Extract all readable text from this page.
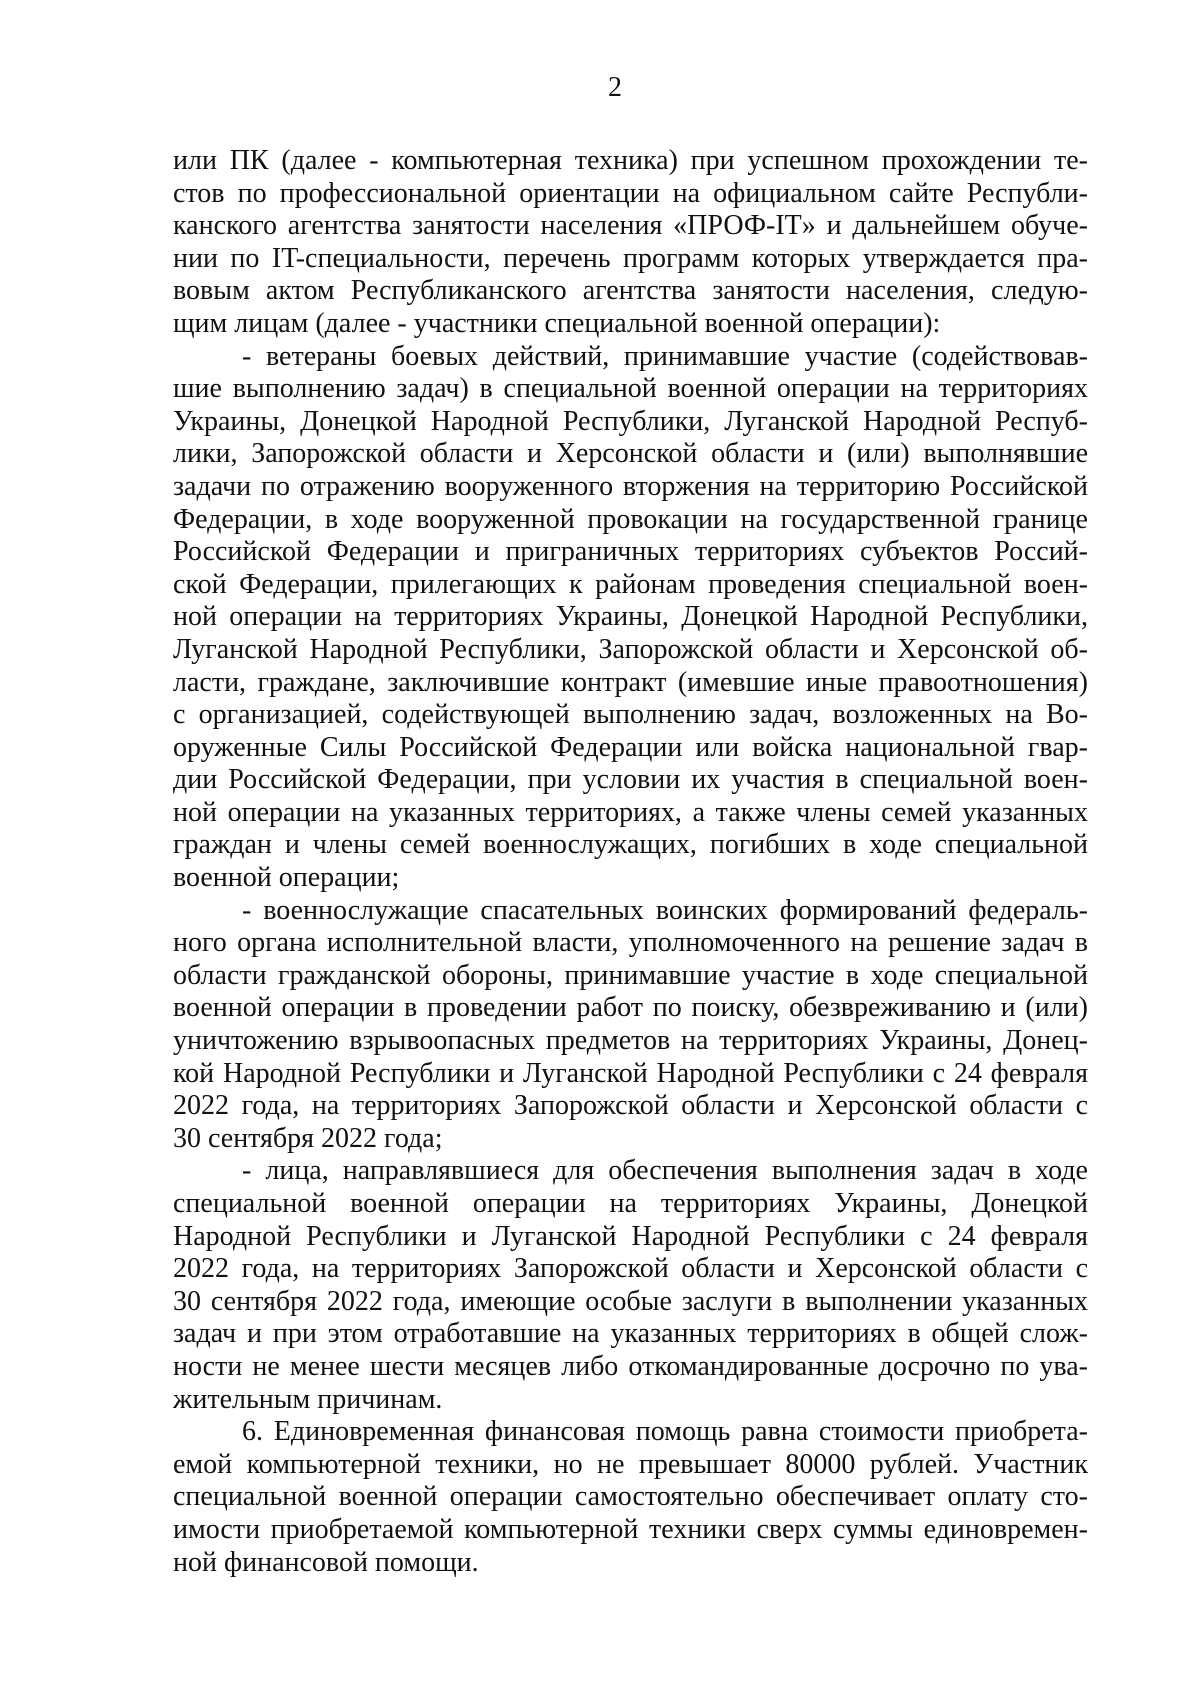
2
или ПК (далее - компьютерная техника) при успешном прохождении те-
стов по профессиональной ориентации на официальном сайте Республи-
канского агентства занятости населения «ПРОФ-IT» и дальнейшем обуче-
нии по IT-специальности, перечень программ которых утверждается пра-
вовым актом Республиканского агентства занятости населения, следую-
щим лицам (далее - участники специальной военной операции):
- ветераны боевых действий, принимавшие участие (содействовав-
шие выполнению задач) в специальной военной операции на территориях
Украины, Донецкой Народной Республики, Луганской Народной Респуб-
лики, Запорожской области и Херсонской области и (или) выполнявшие
задачи по отражению вооруженного вторжения на территорию Российской
Федерации, в ходе вооруженной провокации на государственной границе
Российской Федерации и приграничных территориях субъектов Россий-
ской Федерации, прилегающих к районам проведения специальной воен-
ной операции на территориях Украины, Донецкой Народной Республики,
Луганской Народной Республики, Запорожской области и Херсонской об-
ласти, граждане, заключившие контракт (имевшие иные правоотношения)
с организацией, содействующей выполнению задач, возложенных на Во-
оруженные Силы Российской Федерации или войска национальной гвар-
дии Российской Федерации, при условии их участия в специальной воен-
ной операции на указанных территориях, а также члены семей указанных
граждан и члены семей военнослужащих, погибших в ходе специальной
военной операции;
- военнослужащие спасательных воинских формирований федераль-
ного органа исполнительной власти, уполномоченного на решение задач в
области гражданской обороны, принимавшие участие в ходе специальной
военной операции в проведении работ по поиску, обезвреживанию и (или)
уничтожению взрывоопасных предметов на территориях Украины, Донец-
кой Народной Республики и Луганской Народной Республики с 24 февраля
2022 года, на территориях Запорожской области и Херсонской области с
30 сентября 2022 года;
- лица, направлявшиеся для обеспечения выполнения задач в ходе
специальной военной операции на территориях Украины, Донецкой
Народной Республики и Луганской Народной Республики с 24 февраля
2022 года, на территориях Запорожской области и Херсонской области с
30 сентября 2022 года, имеющие особые заслуги в выполнении указанных
задач и при этом отработавшие на указанных территориях в общей слож-
ности не менее шести месяцев либо откомандированные досрочно по ува-
жительным причинам.
6. Единовременная финансовая помощь равна стоимости приобрета-
емой компьютерной техники, но не превышает 80000 рублей. Участник
специальной военной операции самостоятельно обеспечивает оплату сто-
имости приобретаемой компьютерной техники сверх суммы единовремен-
ной финансовой помощи.
